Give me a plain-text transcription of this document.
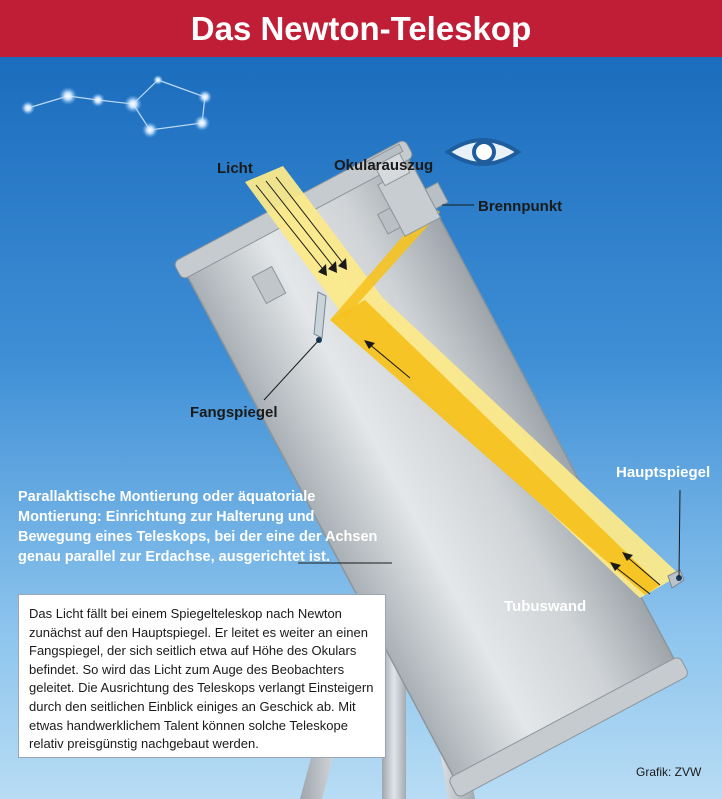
Das Newton-Teleskop
Licht	Okularauszug
Brennpunkt
Fangspiegel
Hauptspiegel
Tubuswand
Parallaktische Montierung oder äquatoriale Montierung: Einrichtung zur Halterung und Bewegung eines Teleskops, bei der eine der Achsen genau parallel zur Erdachse, ausgerichtet ist.
Das Licht fällt bei einem Spiegelteleskop nach Newton zunächst auf den Hauptspiegel. Er leitet es weiter an einen Fangspiegel, der sich seitlich etwa auf Höhe des Okulars befindet. So wird das Licht zum Auge des Beobachters geleitet. Die Ausrichtung des Teleskops verlangt Einsteigern durch den seitlichen Einblick einiges an Geschick ab. Mit etwas handwerklichem Talent können solche Teleskope relativ preisgünstig nachgebaut werden.
Grafik: ZVW
